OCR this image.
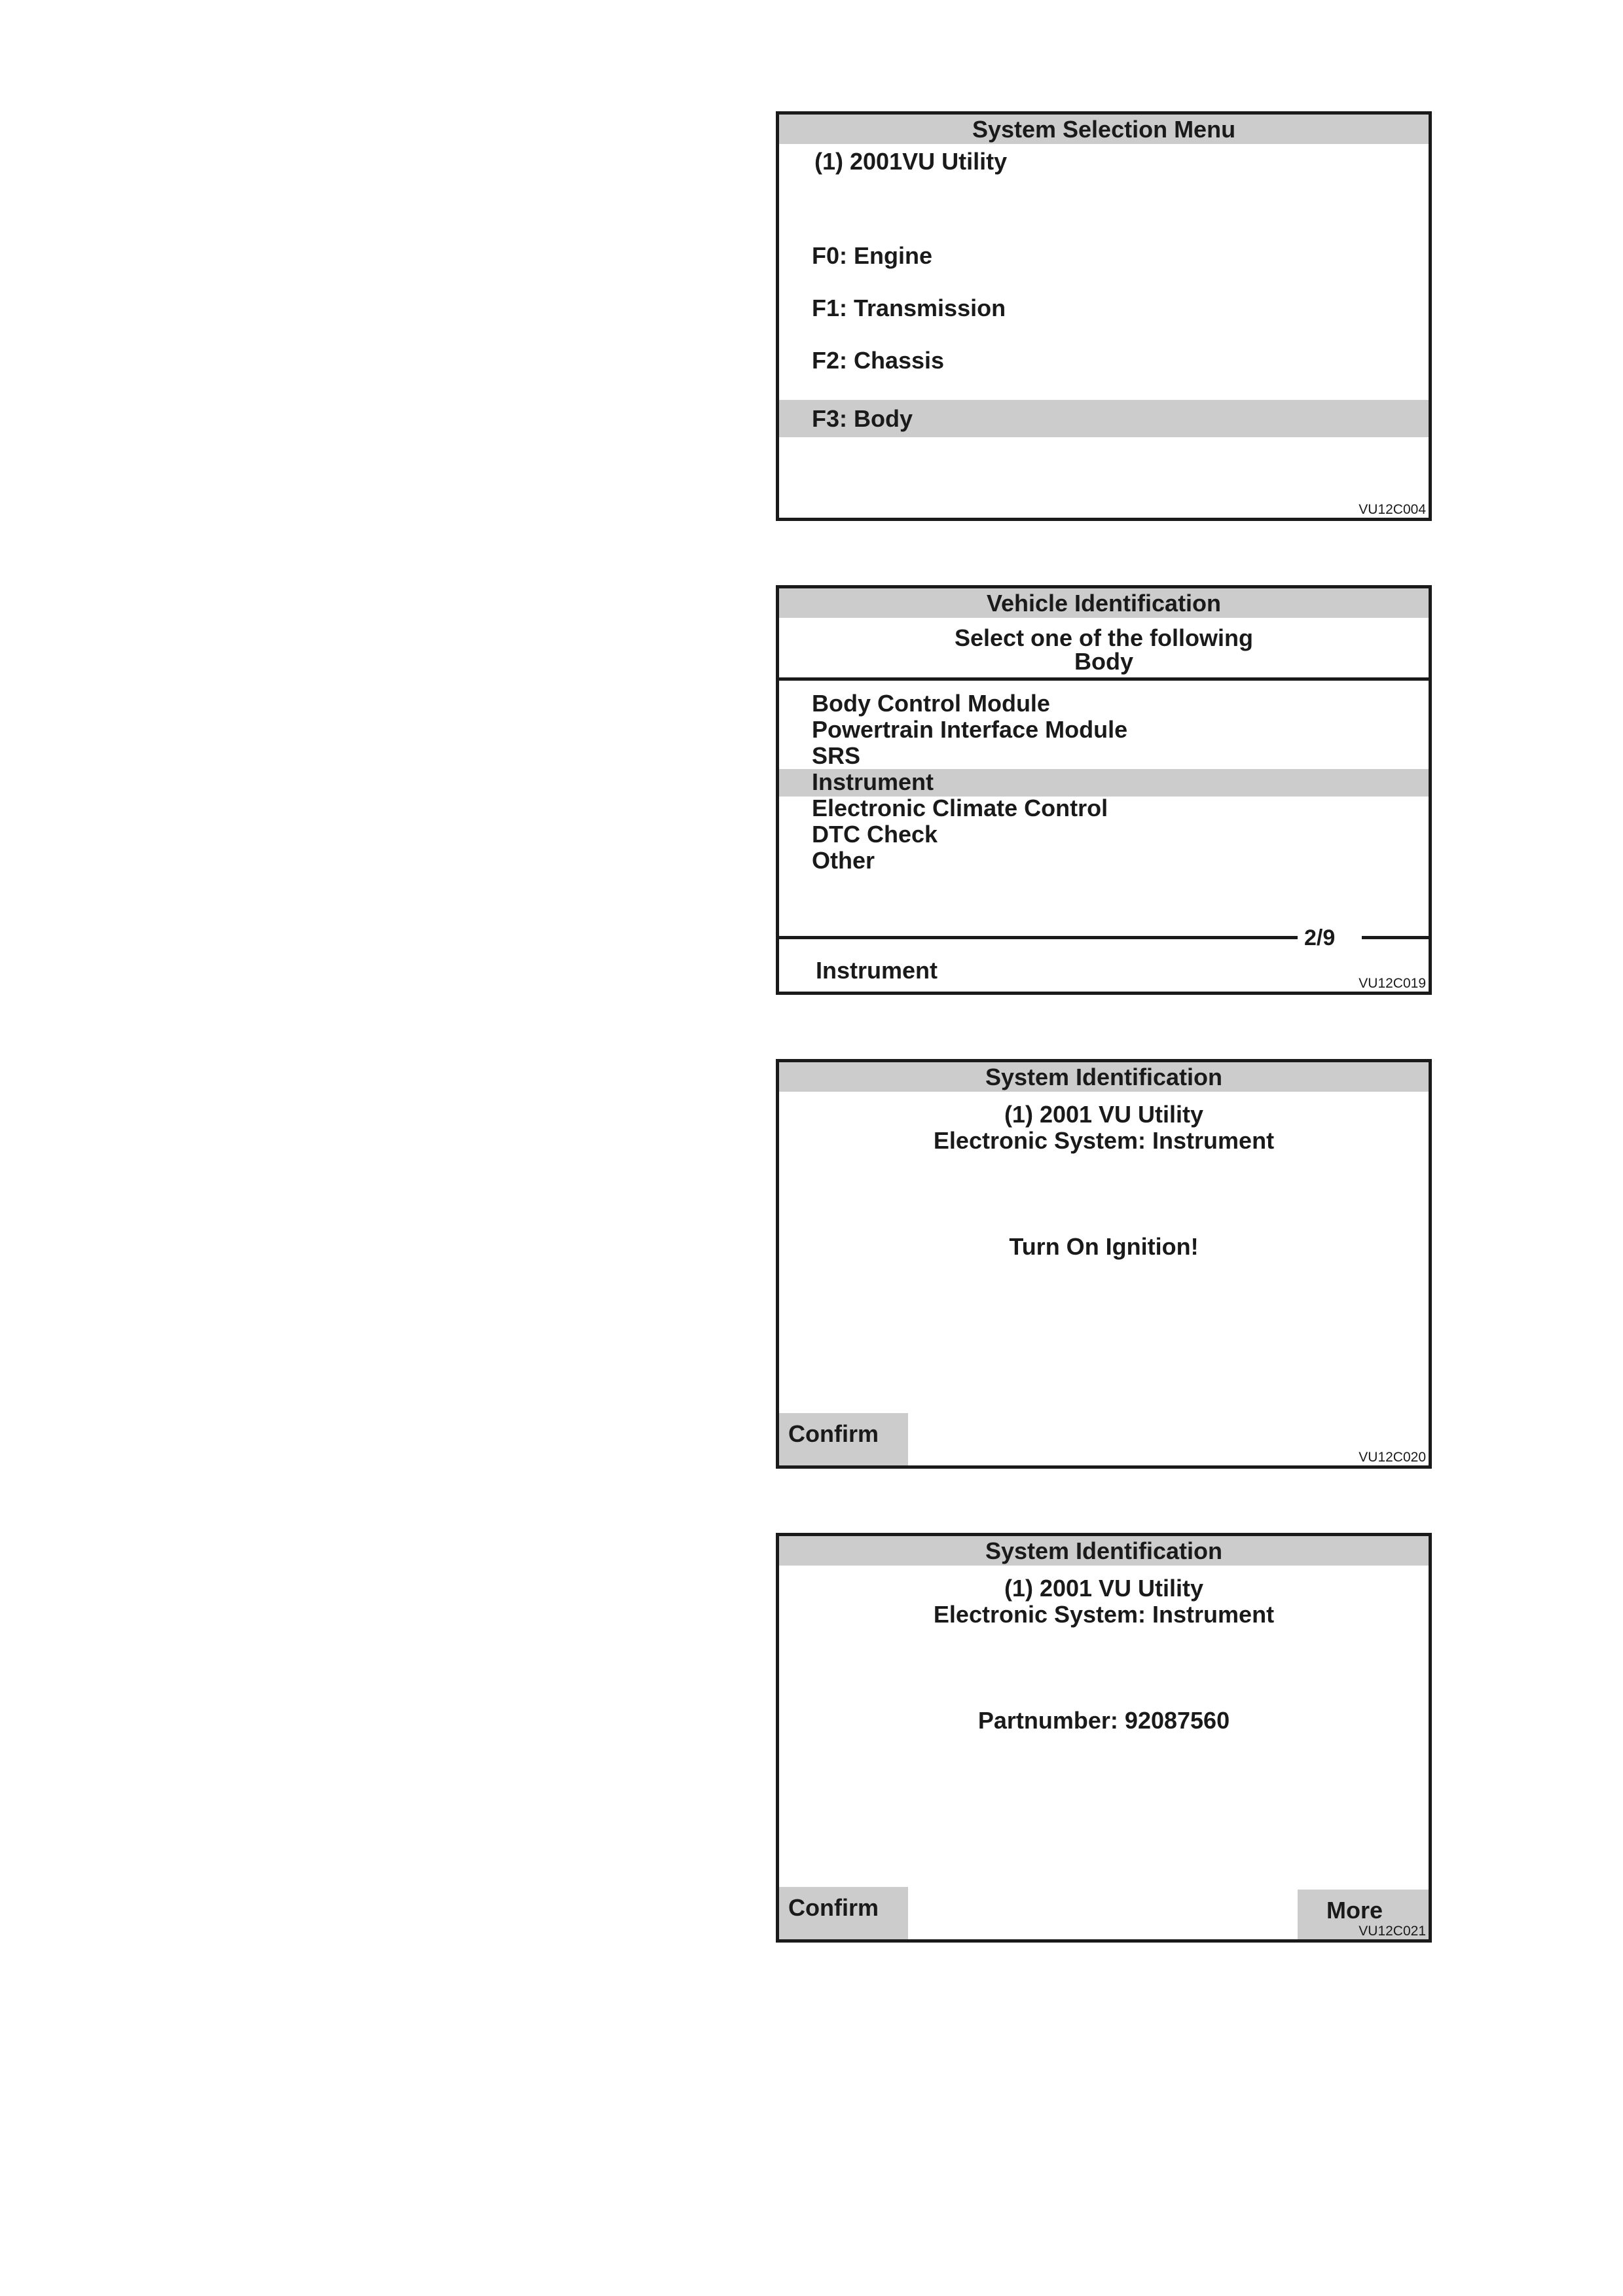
System Selection Menu
(1) 2001VU Utility
F0: Engine
F1: Transmission
F2: Chassis
F3: Body
VU12C004
Vehicle Identification
Select one of the following
Body
Body Control Module
Powertrain Interface Module
SRS
Instrument
Electronic Climate Control
DTC Check
Other
2/9
Instrument	VU12C019
System Identification
(1) 2001 VU Utility
Electronic System: Instrument
Turn On Ignition!
Confirm
VU12C020
System Identification
(1) 2001 VU Utility
Electronic System: Instrument
Partnumber: 92087560
Confirm	More
VU12C021
